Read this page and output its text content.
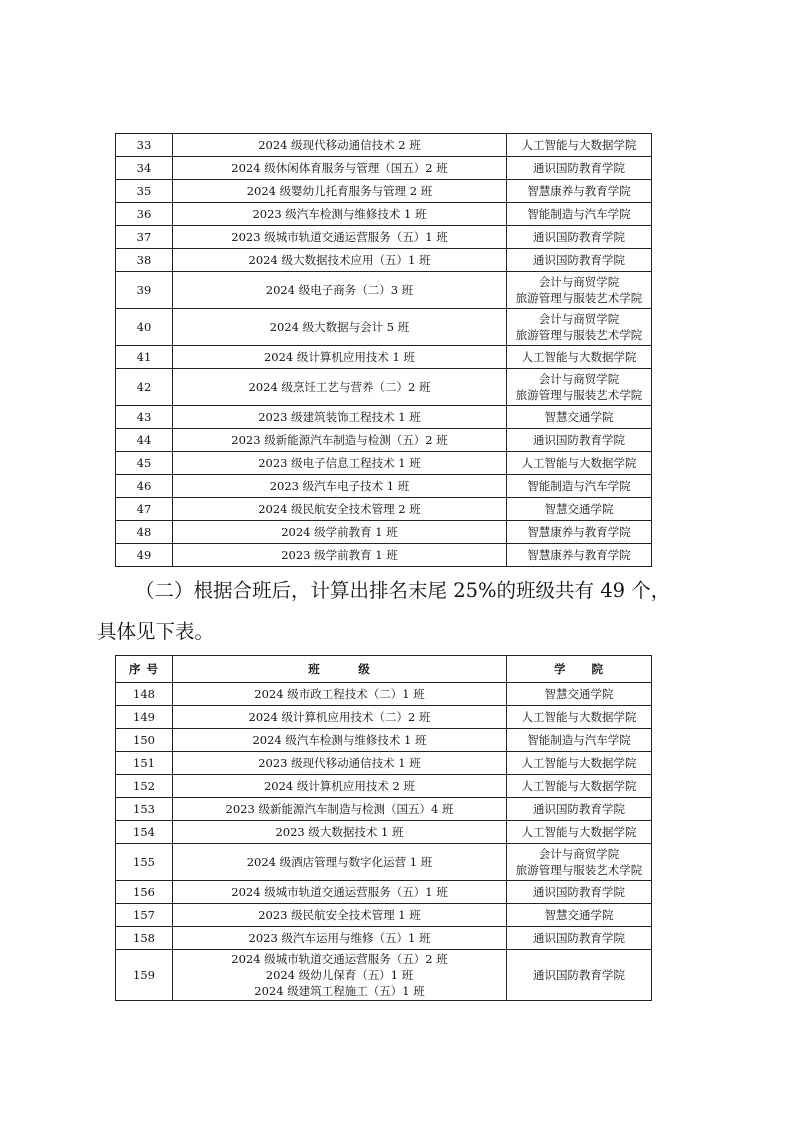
33	2024 级现代移动通信技术 2 班	人工智能与大数据学院

34	2024 级休闲体育服务与管理（国五）2 班	通识国防教育学院

35	2024 级婴幼儿托育服务与管理 2 班	智慧康养与教育学院

36	2023 级汽车检测与维修技术 1 班	智能制造与汽车学院

37	2023 级城市轨道交通运营服务（五）1 班	通识国防教育学院

38	2024 级大数据技术应用（五）1 班	通识国防教育学院

39	2024 级电子商务（二）3 班	会计与商贸学院
旅游管理与服装艺术学院

40	2024 级大数据与会计 5 班	会计与商贸学院
旅游管理与服装艺术学院

41	2024 级计算机应用技术 1 班	人工智能与大数据学院

42	2024 级烹饪工艺与营养（二）2 班	会计与商贸学院
旅游管理与服装艺术学院

43	2023 级建筑装饰工程技术 1 班	智慧交通学院

44	2023 级新能源汽车制造与检测（五）2 班	通识国防教育学院

45	2023 级电子信息工程技术 1 班	人工智能与大数据学院

46	2023 级汽车电子技术 1 班	智能制造与汽车学院

47	2024 级民航安全技术管理 2 班	智慧交通学院

48	2024 级学前教育 1 班	智慧康养与教育学院

49	2023 级学前教育 1 班	智慧康养与教育学院
（二）根据合班后，计算出排名末尾 25%的班级共有 49 个，
具体见下表。
序 号	班　　　级	学　　院
148	2024 级市政工程技术（二）1 班	智慧交通学院

149	2024 级计算机应用技术（二）2 班	人工智能与大数据学院

150	2024 级汽车检测与维修技术 1 班	智能制造与汽车学院

151	2023 级现代移动通信技术 1 班	人工智能与大数据学院

152	2024 级计算机应用技术 2 班	人工智能与大数据学院

153	2023 级新能源汽车制造与检测（国五）4 班	通识国防教育学院

154	2023 级大数据技术 1 班	人工智能与大数据学院

155	2024 级酒店管理与数字化运营 1 班	会计与商贸学院
旅游管理与服装艺术学院

156	2024 级城市轨道交通运营服务（五）1 班	通识国防教育学院

157	2023 级民航安全技术管理 1 班	智慧交通学院

158	2023 级汽车运用与维修（五）1 班	通识国防教育学院

159	2024 级城市轨道交通运营服务（五）2 班
2024 级幼儿保育（五）1 班
2024 级建筑工程施工（五）1 班	通识国防教育学院
